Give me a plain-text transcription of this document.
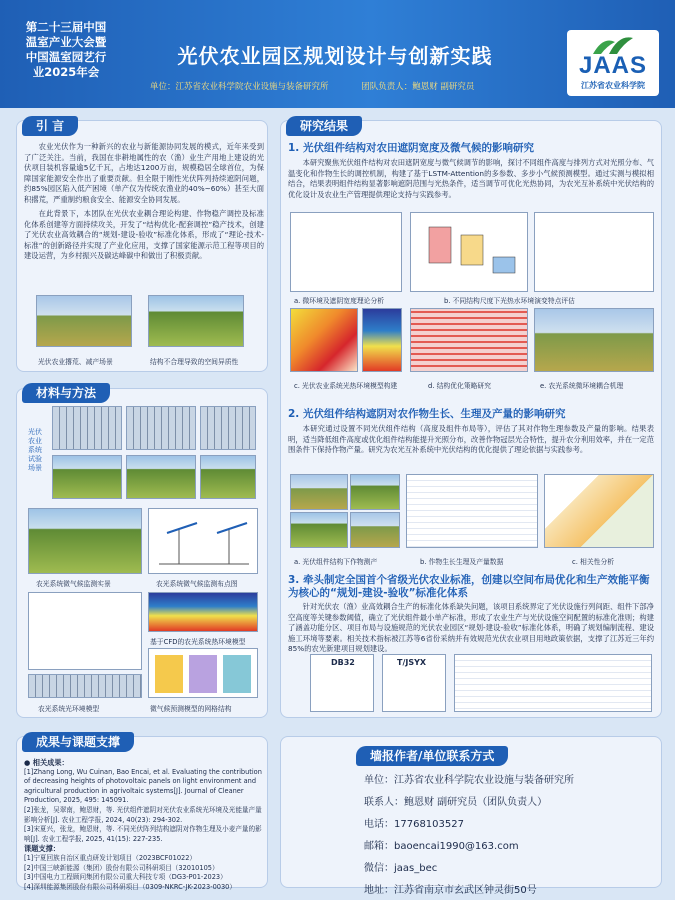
第二十三届中国
温室产业大会暨
中国温室园艺行
业2025年会
光伏农业园区规划设计与创新实践
单位：江苏省农业科学院农业设施与装备研究所	团队负责人：鲍恩财 副研究员
JAAS
江苏省农业科学院
引 言
农业光伏作为一种新兴的农业与新能源协同发展的模式，近年来受到了广泛关注。当前，我国在非耕地属性的农（渔）业生产用地上建设的光伏项目装机容量逾5亿千瓦，占地达1200万亩，规模稳居全球首位，为保障国家能源安全作出了重要贡献。但全限于刚性光伏阵列持续遮阴问题，约85%园区陷入低产困境（单产仅为传统农渔业的40%~60%）甚至大面积撂荒，严重制约粮食安全、能源安全协同发展。
在此背景下，本团队在光伏农业耦合理论构建、作物稳产调控及标准化体系创建等方面持续攻关，开发了“结构优化-配套调控”稳产技术，创建了光伏农业高效耦合的“规划-建设-验收”标准化体系，形成了“理论-技术-标准”的创新路径并实现了产业化应用，支撑了国家能源示范工程等项目的建设运营，为乡村振兴及碳达峰碳中和做出了积极贡献。
光伏农业撂荒、减产场景	结构不合理导致的空间异质性
材料与方法
光伏农业系统试验场景
农光系统微气候监测实景	农光系统微气候监测布点图
基于CFD的农光系统热环境模型
农光系统光环境模型	微气候预测模型的网格结构
研究结果
1. 光伏组件结构对农田遮阴宽度及微气候的影响研究
本研究聚焦光伏组件结构对农田遮阴宽度与微气候调节的影响，探讨不同组件高度与排列方式对光照分布、气温变化和作物生长的调控机制，构建了基于LSTM-Attention的多参数、多步小气候预测模型。通过实测与模拟相结合，结果表明组件结构显著影响遮阴范围与光热条件，适当调节可优化光热协同，为农光互补系统中光伏结构的优化设计及农业生产管理提供理论支持与实践参考。
a. 微环境及遮阴宽度理论分析	b. 不同结构尺度下光热水环境演变特点评估
c. 光伏农业系统光热环境模型构建	d. 结构优化策略研究	e. 农光系统微环境耦合机理
2. 光伏组件结构遮阴对农作物生长、生理及产量的影响研究
本研究通过设置不同光伏组件结构（高度及组件布局等），评估了其对作物生理参数及产量的影响。结果表明，适当降低组件高度或优化组件结构能提升光照分布，改善作物冠层光合特性，提升农分利用效率，并在一定范围条件下保持作物产量。研究为农光互补系统中光伏结构的优化提供了理论依据与实践参考。
a. 光伏组件结构下作物测产	b. 作物生长生理及产量数据	c. 相关性分析
3. 牵头制定全国首个省级光伏农业标准，创建以空间布局优化和生产效能平衡为核心的“规划-建设-验收”标准化体系
针对光伏农（渔）业高效耦合生产的标准化体系缺失问题，该项目系统界定了光伏设施行列间距、组件下部净空高度等关键参数阈值，确立了光伏组件最小单产标准，形成了农业生产与光伏设施空间配置的标准化准则；构建了涵盖功能分区、项目布局与设施规范的光伏农业园区“规划-建设-验收”标准化体系，明确了规划编制流程、建设施工环境等要素。相关技术指标被江苏等6省份采纳并有效规范光伏农业项目用地政策依据，支撑了江苏近三年约85%的农光新建项目规划建设。
DB32	T/JSYX
成果与课题支撑
● 相关成果：
[1]Zhang Long, Wu Cuinan, Bao Encai, et al. Evaluating the contribution of decreasing heights of photovoltaic panels on light environment and agricultural production in agrivoltaic systems[J]. Journal of Cleaner Production, 2025, 495: 145091.
[2]张龙，吴翠南，鲍恩财，等. 光伏组件遮阴对光伏农业系统光环境及光能量产量影响分析[J]. 农业工程学报, 2024, 40(23): 294-302.
[3]宋夏兴，张龙，鲍恩财，等. 不同光伏阵列结构遮阴对作物生理及小麦产量的影响[J]. 农业工程学报, 2025, 41(15): 227-235.
课题支撑：
[1]宁夏回族自治区重点研发计划项目（2023BCF01022）
[2]中国三峡新能源（集团）股份有限公司科研项目（32010105）
[3]中国电力工程顾问集团有限公司重大科技专项（DG3-P01-2023）
[4]深圳能源集团股份有限公司科研项目（0309-NKRC-JK-2023-0030）
墙报作者/单位联系方式
单位：江苏省农业科学院农业设施与装备研究所
联系人：鲍恩财 副研究员（团队负责人）
电话：17768103527
邮箱：baoencai1990@163.com
微信：jaas_bec
地址：江苏省南京市玄武区钟灵街50号
